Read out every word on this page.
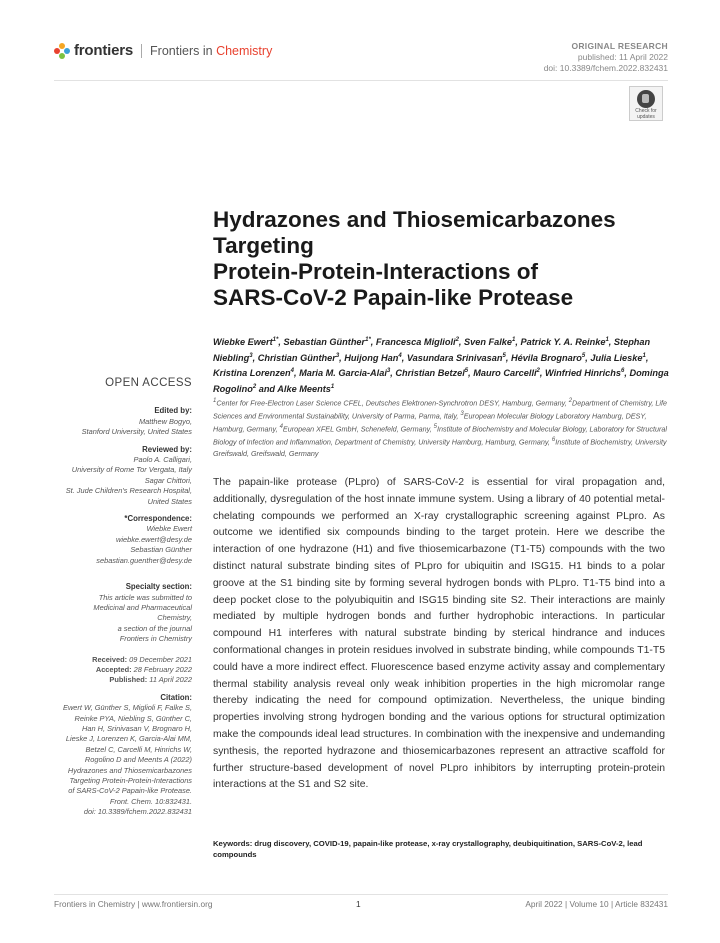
frontiers Frontiers in Chemistry	ORIGINAL RESEARCH
published: 11 April 2022
doi: 10.3389/fchem.2022.832431
Check for
updates
Hydrazones and Thiosemicarbazones
Targeting
Protein-Protein-Interactions of
SARS-CoV-2 Papain-like Protease
Wiebke Ewert$^{1*}$, Sebastian Günther$^{1*}$, Francesca Miglioli$^2$, Sven Falke$^1$, Patrick Y. A. Reinke$^1$, Stephan Niebling$^3$, Christian Günther$^3$, Huijong Han$^4$, Vasundara Srinivasan$^5$, Hévila Brognaro$^5$, Julia Lieske$^1$, Kristina Lorenzen$^4$, Maria M. Garcia-Alai$^3$, Christian Betzel$^5$, Mauro Carcelli$^2$, Winfried Hinrichs$^6$, Dominga Rogolino$^2$ and Alke Meents$^1$
$^1$Center for Free-Electron Laser Science CFEL, Deutsches Elektronen-Synchrotron DESY, Hamburg, Germany, $^2$Department of Chemistry, Life Sciences and Environmental Sustainability, University of Parma, Parma, Italy, $^3$European Molecular Biology Laboratory Hamburg, DESY, Hamburg, Germany, $^4$European XFEL GmbH, Schenefeld, Germany, $^5$Institute of Biochemistry and Molecular Biology, Laboratory for Structural Biology of Infection and Inflammation, Department of Chemistry, University Hamburg, Hamburg, Germany, $^6$Institute of Biochemistry, University Greifswald, Greifswald, Germany

The papain-like protease (PLpro) of SARS-CoV-2 is essential for viral propagation and, additionally, dysregulation of the host innate immune system. Using a library of 40 potential metal-chelating compounds we performed an X-ray crystallographic screening against PLpro. As outcome we identified six compounds binding to the target protein. Here we describe the interaction of one hydrazone (H1) and five thiosemicarbazone (T1-T5) compounds with the two distinct natural substrate binding sites of PLpro for ubiquitin and ISG15. H1 binds to a polar groove at the S1 binding site by forming several hydrogen bonds with PLpro. T1-T5 bind into a deep pocket close to the polyubiquitin and ISG15 binding site S2. Their interactions are mainly mediated by multiple hydrogen bonds and further hydrophobic interactions. In particular compound H1 interferes with natural substrate binding by sterical hindrance and induces conformational changes in protein residues involved in substrate binding, while compounds T1-T5 could have a more indirect effect. Fluorescence based enzyme activity assay and complementary thermal stability analysis reveal only weak inhibition properties in the high micromolar range thereby indicating the need for compound optimization. Nevertheless, the unique binding properties involving strong hydrogen bonding and the various options for structural optimization make the compounds ideal lead structures. In combination with the inexpensive and undemanding synthesis, the reported hydrazone and thiosemicarbazones represent an attractive scaffold for further structure-based development of novel PLpro inhibitors by interrupting protein-protein interactions at the S1 and S2 site.

Keywords: drug discovery, COVID-19, papain-like protease, x-ray crystallography, deubiquitination, SARS-CoV-2, lead compounds

OPEN ACCESS
Edited by:
Matthew Bogyo,
Stanford University, United States
Reviewed by:
Paolo A. Calligari,
University of Rome Tor Vergata, Italy
Sagar Chittori,
St. Jude Children's Research Hospital,
United States
*Correspondence:
Wiebke Ewert
wiebke.ewert@desy.de
Sebastian Günther
sebastian.guenther@desy.de
Specialty section:
This article was submitted to
Medicinal and Pharmaceutical
Chemistry,
a section of the journal
Frontiers in Chemistry
Received: 09 December 2021
Accepted: 28 February 2022
Published: 11 April 2022
Citation:
Ewert W, Günther S, Miglioli F, Falke S,
Reinke PYA, Niebling S, Günther C,
Han H, Srinivasan V, Brognaro H,
Lieske J, Lorenzen K, Garcia-Alai MM,
Betzel C, Carcelli M, Hinrichs W,
Rogolino D and Meents A (2022)
Hydrazones and Thiosemicarbazones
Targeting Protein-Protein-Interactions
of SARS-CoV-2 Papain-like Protease.
Front. Chem. 10:832431.
doi: 10.3389/fchem.2022.832431
Frontiers in Chemistry | www.frontiersin.org	1	April 2022 | Volume 10 | Article 832431
